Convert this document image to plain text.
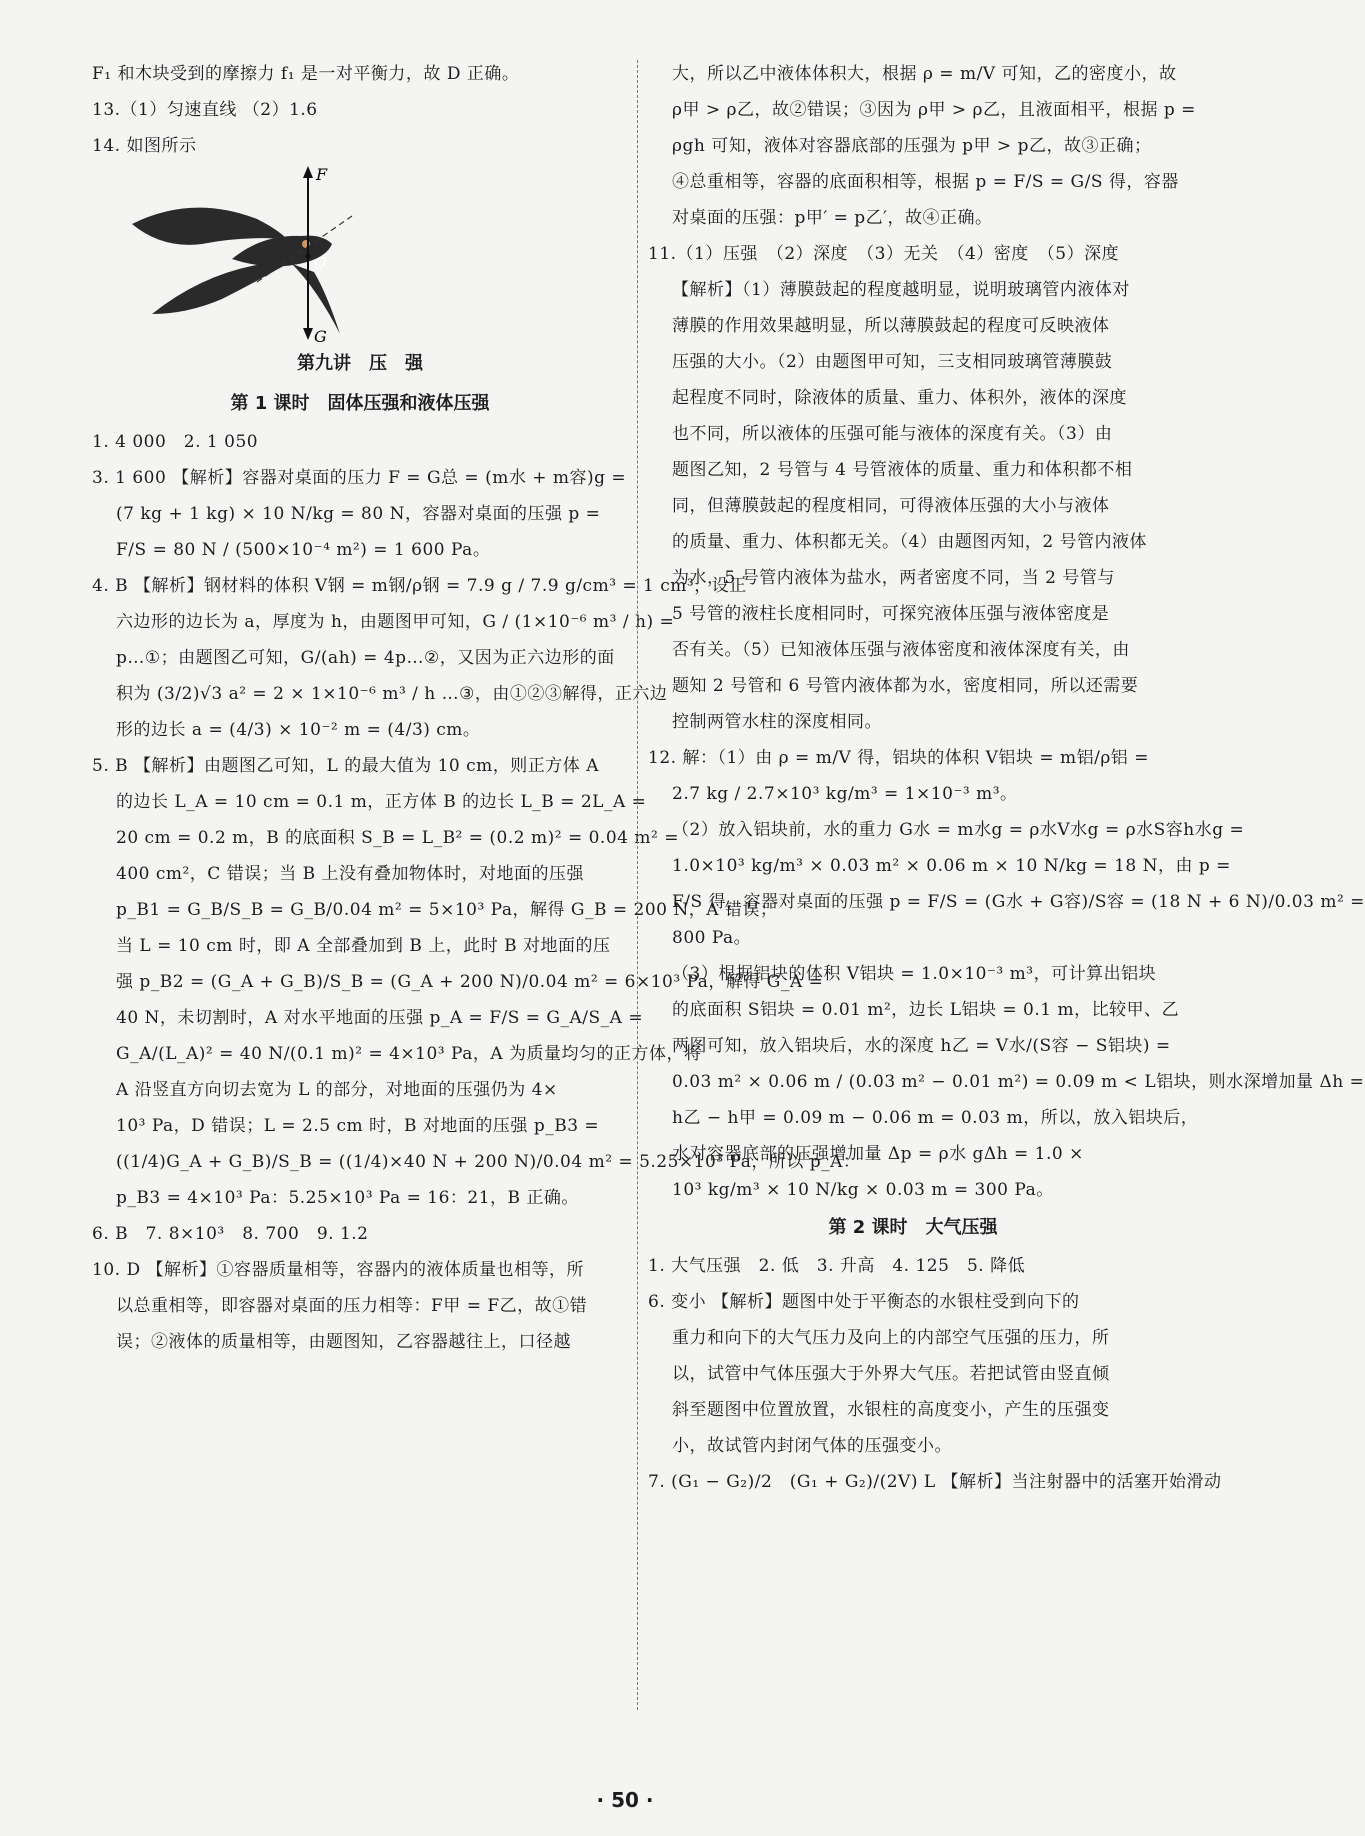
F₁ 和木块受到的摩擦力 f₁ 是一对平衡力，故 D 正确。
13.（1）匀速直线 （2）1.6
14. 如图所示
F
O
G
第九讲　压　强
第 1 课时　固体压强和液体压强
1. 4 000　2. 1 050
3. 1 600 【解析】容器对桌面的压力 F = G总 = (m水 + m容)g =
(7 kg + 1 kg) × 10 N/kg = 80 N，容器对桌面的压强 p =
F/S = 80 N / (500×10⁻⁴ m²) = 1 600 Pa。
4. B 【解析】钢材料的体积 V钢 = m钢/ρ钢 = 7.9 g / 7.9 g/cm³ = 1 cm³，设正
六边形的边长为 a，厚度为 h，由题图甲可知，G / (1×10⁻⁶ m³ / h) =
p…①；由题图乙可知，G/(ah) = 4p…②，又因为正六边形的面
积为 (3/2)√3 a² = 2 × 1×10⁻⁶ m³ / h …③，由①②③解得，正六边
形的边长 a = (4/3) × 10⁻² m = (4/3) cm。
5. B 【解析】由题图乙可知，L 的最大值为 10 cm，则正方体 A
的边长 L_A = 10 cm = 0.1 m，正方体 B 的边长 L_B = 2L_A =
20 cm = 0.2 m，B 的底面积 S_B = L_B² = (0.2 m)² = 0.04 m² =
400 cm²，C 错误；当 B 上没有叠加物体时，对地面的压强
p_B1 = G_B/S_B = G_B/0.04 m² = 5×10³ Pa，解得 G_B = 200 N，A 错误；
当 L = 10 cm 时，即 A 全部叠加到 B 上，此时 B 对地面的压
强 p_B2 = (G_A + G_B)/S_B = (G_A + 200 N)/0.04 m² = 6×10³ Pa，解得 G_A =
40 N，未切割时，A 对水平地面的压强 p_A = F/S = G_A/S_A =
G_A/(L_A)² = 40 N/(0.1 m)² = 4×10³ Pa，A 为质量均匀的正方体，将
A 沿竖直方向切去宽为 L 的部分，对地面的压强仍为 4×
10³ Pa，D 错误；L = 2.5 cm 时，B 对地面的压强 p_B3 =
((1/4)G_A + G_B)/S_B = ((1/4)×40 N + 200 N)/0.04 m² = 5.25×10³ Pa，所以 p_A：
p_B3 = 4×10³ Pa：5.25×10³ Pa = 16：21，B 正确。
6. B　7. 8×10³　8. 700　9. 1.2
10. D 【解析】①容器质量相等，容器内的液体质量也相等，所
以总重相等，即容器对桌面的压力相等：F甲 = F乙，故①错
误；②液体的质量相等，由题图知，乙容器越往上，口径越
大，所以乙中液体体积大，根据 ρ = m/V 可知，乙的密度小，故
ρ甲 > ρ乙，故②错误；③因为 ρ甲 > ρ乙，且液面相平，根据 p =
ρgh 可知，液体对容器底部的压强为 p甲 > p乙，故③正确；
④总重相等，容器的底面积相等，根据 p = F/S = G/S 得，容器
对桌面的压强：p甲′ = p乙′，故④正确。
11.（1）压强　（2）深度　（3）无关　（4）密度　（5）深度
【解析】（1）薄膜鼓起的程度越明显，说明玻璃管内液体对
薄膜的作用效果越明显，所以薄膜鼓起的程度可反映液体
压强的大小。（2）由题图甲可知，三支相同玻璃管薄膜鼓
起程度不同时，除液体的质量、重力、体积外，液体的深度
也不同，所以液体的压强可能与液体的深度有关。（3）由
题图乙知，2 号管与 4 号管液体的质量、重力和体积都不相
同，但薄膜鼓起的程度相同，可得液体压强的大小与液体
的质量、重力、体积都无关。（4）由题图丙知，2 号管内液体
为水，5 号管内液体为盐水，两者密度不同，当 2 号管与
5 号管的液柱长度相同时，可探究液体压强与液体密度是
否有关。（5）已知液体压强与液体密度和液体深度有关，由
题知 2 号管和 6 号管内液体都为水，密度相同，所以还需要
控制两管水柱的深度相同。
12. 解：（1）由 ρ = m/V 得，铝块的体积 V铝块 = m铝/ρ铝 =
2.7 kg / 2.7×10³ kg/m³ = 1×10⁻³ m³。
（2）放入铝块前，水的重力 G水 = m水g = ρ水V水g = ρ水S容h水g =
1.0×10³ kg/m³ × 0.03 m² × 0.06 m × 10 N/kg = 18 N，由 p =
F/S 得，容器对桌面的压强 p = F/S = (G水 + G容)/S容 = (18 N + 6 N)/0.03 m² =
800 Pa。
（3）根据铝块的体积 V铝块 = 1.0×10⁻³ m³，可计算出铝块
的底面积 S铝块 = 0.01 m²，边长 L铝块 = 0.1 m，比较甲、乙
两图可知，放入铝块后，水的深度 h乙 = V水/(S容 − S铝块) =
0.03 m² × 0.06 m / (0.03 m² − 0.01 m²) = 0.09 m < L铝块，则水深增加量 Δh =
h乙 − h甲 = 0.09 m − 0.06 m = 0.03 m，所以，放入铝块后，
水对容器底部的压强增加量 Δp = ρ水 gΔh = 1.0 ×
10³ kg/m³ × 10 N/kg × 0.03 m = 300 Pa。
第 2 课时　大气压强
1. 大气压强　2. 低　3. 升高　4. 125　5. 降低
6. 变小 【解析】题图中处于平衡态的水银柱受到向下的
重力和向下的大气压力及向上的内部空气压强的压力，所
以，试管中气体压强大于外界大气压。若把试管由竖直倾
斜至题图中位置放置，水银柱的高度变小，产生的压强变
小，故试管内封闭气体的压强变小。
7. (G₁ − G₂)/2　(G₁ + G₂)/(2V) L 【解析】当注射器中的活塞开始滑动
· 50 ·
